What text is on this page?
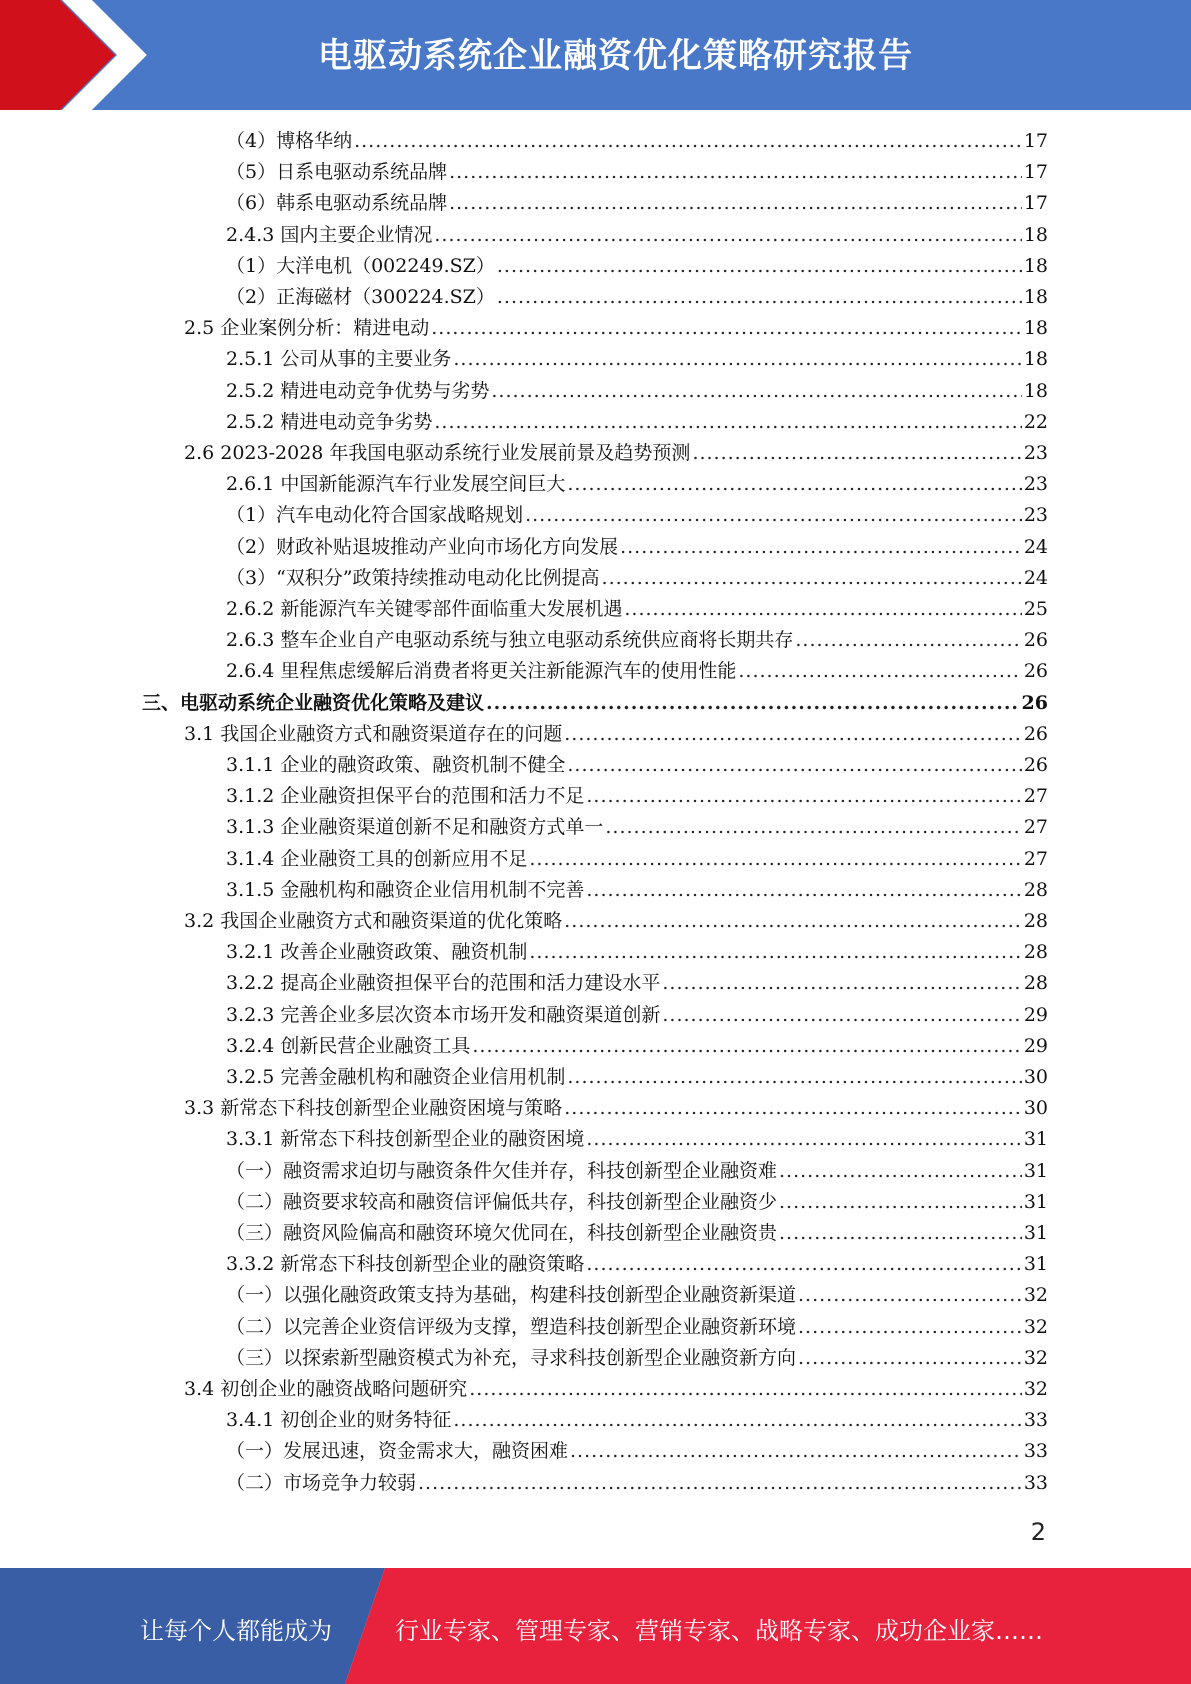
电驱动系统企业融资优化策略研究报告
（4）博格华纳 .....	17
（5）日系电驱动系统品牌 .....	17
（6）韩系电驱动系统品牌 .....	17
2.4.3 国内主要企业情况 .....	18
（1）大洋电机（002249.SZ） .....	18
（2）正海磁材（300224.SZ） .....	18
2.5 企业案例分析：精进电动 .....	18
2.5.1 公司从事的主要业务 .....	18
2.5.2 精进电动竞争优势与劣势 .....	18
2.5.2 精进电动竞争劣势 .....	22
2.6 2023-2028 年我国电驱动系统行业发展前景及趋势预测 .....	23
2.6.1 中国新能源汽车行业发展空间巨大 .....	23
（1）汽车电动化符合国家战略规划 .....	23
（2）财政补贴退坡推动产业向市场化方向发展 .....	24
（3）“双积分”政策持续推动电动化比例提高 .....	24
2.6.2 新能源汽车关键零部件面临重大发展机遇 .....	25
2.6.3 整车企业自产电驱动系统与独立电驱动系统供应商将长期共存 .....	26
2.6.4 里程焦虑缓解后消费者将更关注新能源汽车的使用性能 .....	26
三、电驱动系统企业融资优化策略及建议 .....	26
3.1 我国企业融资方式和融资渠道存在的问题 .....	26
3.1.1 企业的融资政策、融资机制不健全 .....	26
3.1.2 企业融资担保平台的范围和活力不足 .....	27
3.1.3 企业融资渠道创新不足和融资方式单一 .....	27
3.1.4 企业融资工具的创新应用不足 .....	27
3.1.5 金融机构和融资企业信用机制不完善 .....	28
3.2 我国企业融资方式和融资渠道的优化策略 .....	28
3.2.1 改善企业融资政策、融资机制 .....	28
3.2.2 提高企业融资担保平台的范围和活力建设水平 .....	28
3.2.3 完善企业多层次资本市场开发和融资渠道创新 .....	29
3.2.4 创新民营企业融资工具 .....	29
3.2.5 完善金融机构和融资企业信用机制 .....	30
3.3 新常态下科技创新型企业融资困境与策略 .....	30
3.3.1 新常态下科技创新型企业的融资困境 .....	31
（一）融资需求迫切与融资条件欠佳并存，科技创新型企业融资难 .....	31
（二）融资要求较高和融资信评偏低共存，科技创新型企业融资少 .....	31
（三）融资风险偏高和融资环境欠优同在，科技创新型企业融资贵 .....	31
3.3.2 新常态下科技创新型企业的融资策略 .....	31
（一）以强化融资政策支持为基础，构建科技创新型企业融资新渠道 .....	32
（二）以完善企业资信评级为支撑，塑造科技创新型企业融资新环境 .....	32
（三）以探索新型融资模式为补充，寻求科技创新型企业融资新方向 .....	32
3.4 初创企业的融资战略问题研究 .....	32
3.4.1 初创企业的财务特征 .....	33
（一）发展迅速，资金需求大，融资困难 .....	33
（二）市场竞争力较弱 .....	33
2
让每个人都能成为	行业专家、管理专家、营销专家、战略专家、成功企业家……
